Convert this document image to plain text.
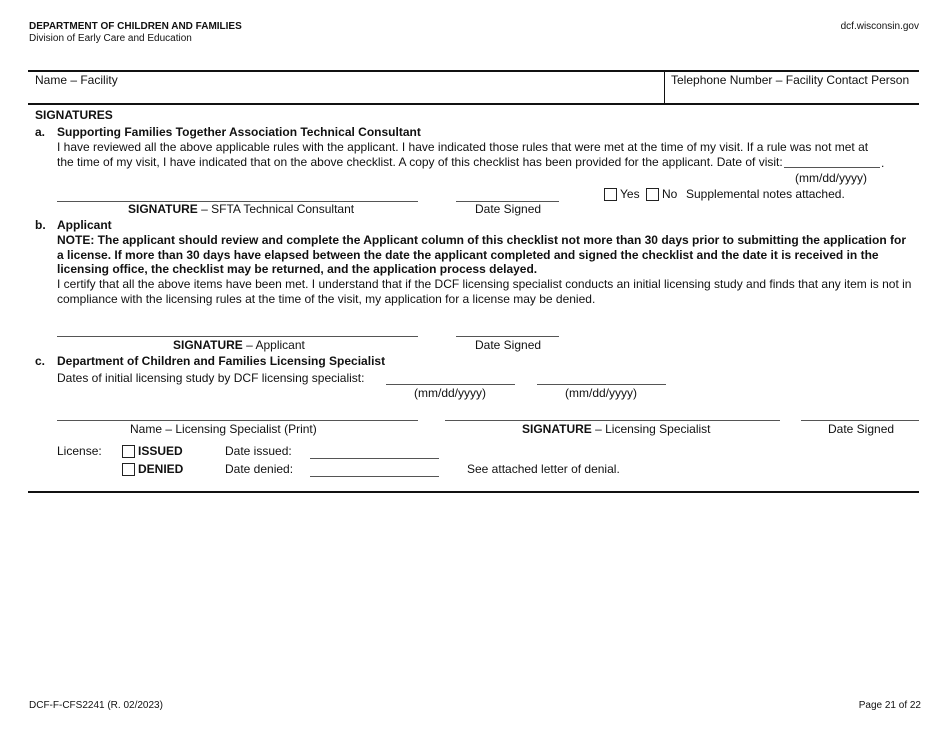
DEPARTMENT OF CHILDREN AND FAMILIES
Division of Early Care and Education
dcf.wisconsin.gov
Name – Facility	Telephone Number – Facility Contact Person
SIGNATURES
a. Supporting Families Together Association Technical Consultant
I have reviewed all the above applicable rules with the applicant. I have indicated those rules that were met at the time of my visit. If a rule was not met at the time of my visit, I have indicated that on the above checklist. A copy of this checklist has been provided for the applicant. Date of visit:	.
(mm/dd/yyyy)
Yes No Supplemental notes attached.
SIGNATURE – SFTA Technical Consultant	Date Signed
b. Applicant
NOTE: The applicant should review and complete the Applicant column of this checklist not more than 30 days prior to submitting the application for a license. If more than 30 days have elapsed between the date the applicant completed and signed the checklist and the date it is received in the licensing office, the checklist may be returned, and the application process delayed.
I certify that all the above items have been met. I understand that if the DCF licensing specialist conducts an initial licensing study and finds that any item is not in compliance with the licensing rules at the time of the visit, my application for a license may be denied.
SIGNATURE – Applicant	Date Signed
c. Department of Children and Families Licensing Specialist
Dates of initial licensing study by DCF licensing specialist:
(mm/dd/yyyy)	(mm/dd/yyyy)
Name – Licensing Specialist (Print)	SIGNATURE – Licensing Specialist	Date Signed
License:	ISSUED	Date issued:
DENIED	Date denied:	See attached letter of denial.
DCF-F-CFS2241 (R. 02/2023)	Page 21 of 22
